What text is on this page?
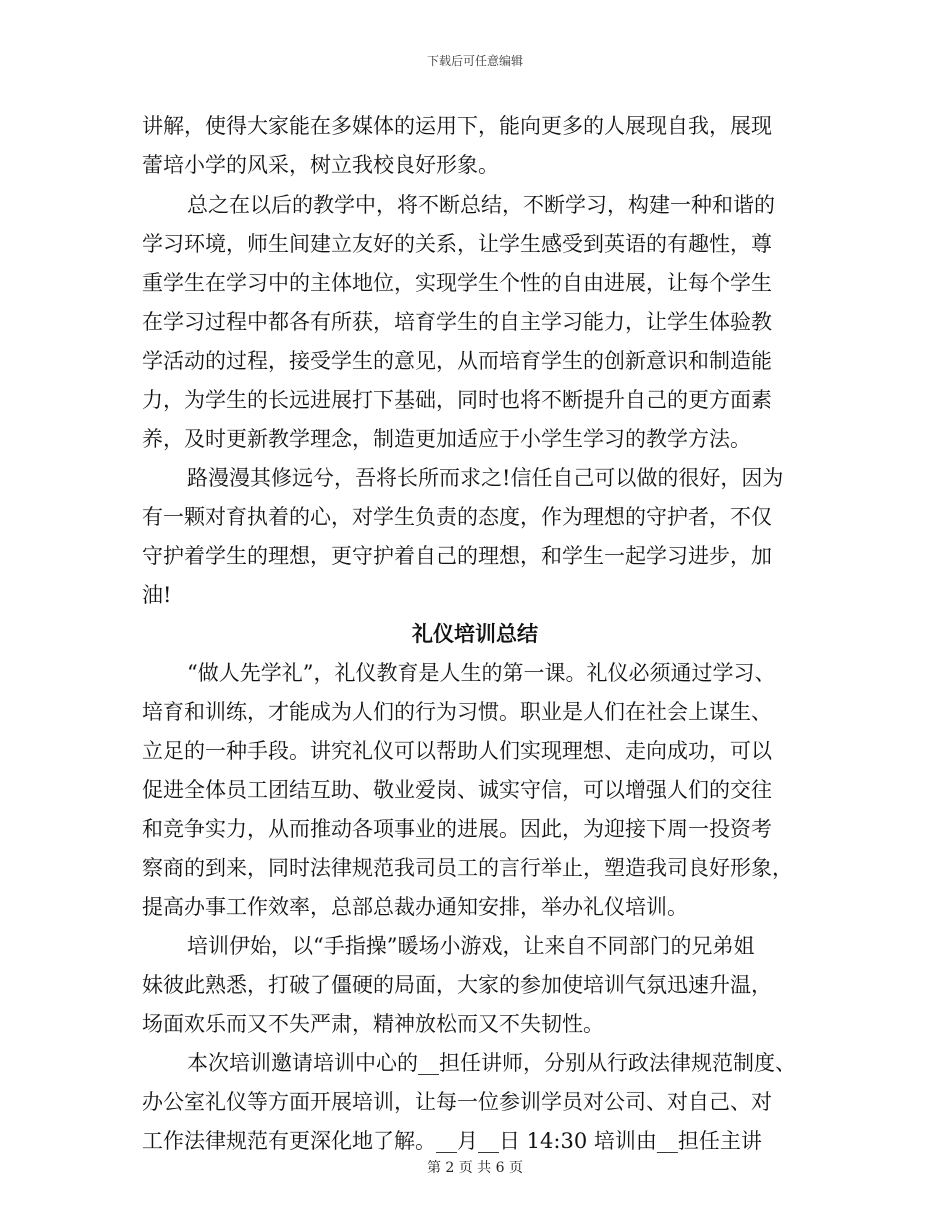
下载后可任意编辑
讲解，使得大家能在多媒体的运用下，能向更多的人展现自我，展现
蕾培小学的风采，树立我校良好形象。
总之在以后的教学中，将不断总结，不断学习，构建一种和谐的
学习环境，师生间建立友好的关系，让学生感受到英语的有趣性，尊
重学生在学习中的主体地位，实现学生个性的自由进展，让每个学生
在学习过程中都各有所获，培育学生的自主学习能力，让学生体验教
学活动的过程，接受学生的意见，从而培育学生的创新意识和制造能
力，为学生的长远进展打下基础，同时也将不断提升自己的更方面素
养，及时更新教学理念，制造更加适应于小学生学习的教学方法。
路漫漫其修远兮，吾将长所而求之!信任自己可以做的很好，因为
有一颗对育执着的心，对学生负责的态度，作为理想的守护者，不仅
守护着学生的理想，更守护着自己的理想，和学生一起学习进步，加
油!
礼仪培训总结
“做人先学礼”，礼仪教育是人生的第一课。礼仪必须通过学习、
培育和训练，才能成为人们的行为习惯。职业是人们在社会上谋生、
立足的一种手段。讲究礼仪可以帮助人们实现理想、走向成功，可以
促进全体员工团结互助、敬业爱岗、诚实守信，可以增强人们的交往
和竞争实力，从而推动各项事业的进展。因此，为迎接下周一投资考
察商的到来，同时法律规范我司员工的言行举止，塑造我司良好形象，
提高办事工作效率，总部总裁办通知安排，举办礼仪培训。
培训伊始，以“手指操”暖场小游戏，让来自不同部门的兄弟姐
妹彼此熟悉，打破了僵硬的局面，大家的参加使培训气氛迅速升温，
场面欢乐而又不失严肃，精神放松而又不失韧性。
本次培训邀请培训中心的__担任讲师，分别从行政法律规范制度、
办公室礼仪等方面开展培训，让每一位参训学员对公司、对自己、对
工作法律规范有更深化地了解。__月__日 14:30 培训由__担任主讲
第 2 页 共 6 页
